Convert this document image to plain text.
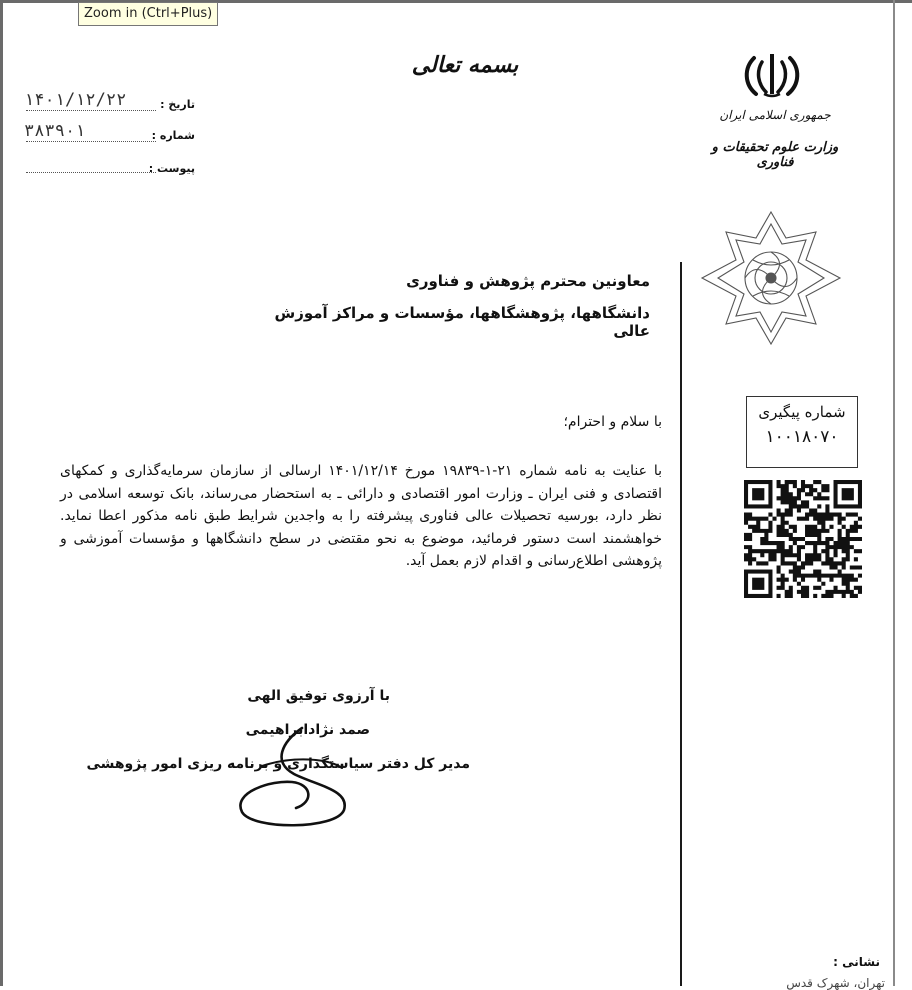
Zoom in (Ctrl+Plus)
بسمه تعالی
جمهوری اسلامی ایران
وزارت علوم تحقیقات و فناوری
۱۴۰۱/۱۲/۲۲	تاریخ :
۳۸۳۹۰۱	شماره :
پیوست :
معاونین محترم پژوهش و فناوری
دانشگاهها، پژوهشگاهها، مؤسسات و مراکز آموزش عالی
با سلام و احترام؛
با عنایت به نامه شماره ۲۱-۱-۱۹۸۳۹ مورخ ۱۴۰۱/۱۲/۱۴ ارسالی از سازمان سرمایه‌گذاری و کمکهای اقتصادی و فنی ایران ـ وزارت امور اقتصادی و دارائی ـ به استحضار می‌رساند، بانک توسعه اسلامی در نظر دارد، بورسیه تحصیلات عالی فناوری پیشرفته را به واجدین شرایط طبق نامه مذکور اعطا نماید. خواهشمند است دستور فرمائید، موضوع به نحو مقتضی در سطح دانشگاهها و مؤسسات آموزشی و پژوهشی اطلاع‌رسانی و اقدام لازم بعمل آید.
با آرزوی توفیق الهی
صمد نژادابراهیمی
مدیر کل دفتر سیاستگذاری و برنامه ریزی امور پژوهشی
شماره پیگیری
۱۰۰۱۸۰۷۰
نشانی :
تهران، شهرک قدس
